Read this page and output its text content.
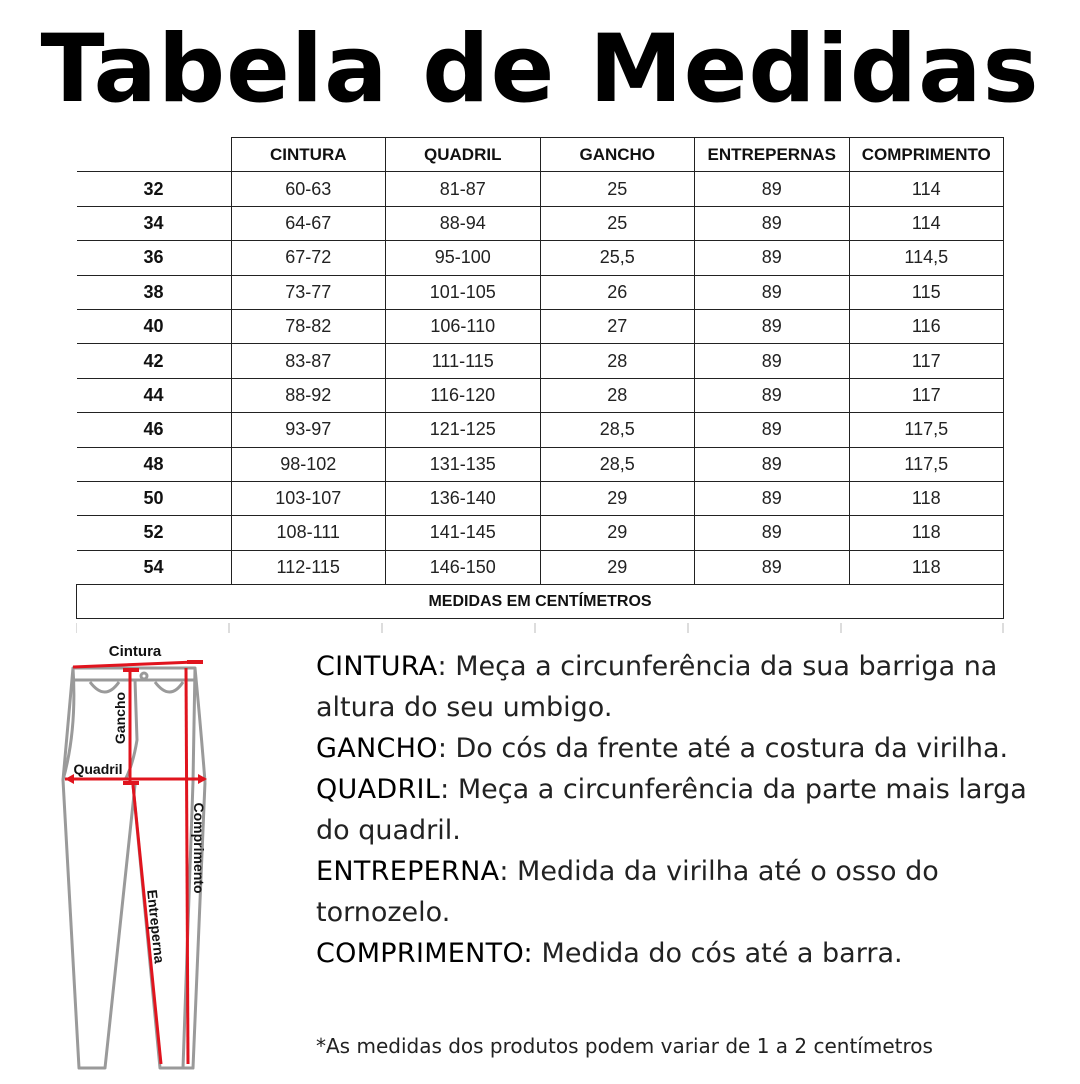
Tabela de Medidas
	CINTURA	QUADRIL	GANCHO	ENTREPERNAS	COMPRIMENTO
32	60-63	81-87	25	89	114
34	64-67	88-94	25	89	114
36	67-72	95-100	25,5	89	114,5
38	73-77	101-105	26	89	115
40	78-82	106-110	27	89	116
42	83-87	111-115	28	89	117
44	88-92	116-120	28	89	117
46	93-97	121-125	28,5	89	117,5
48	98-102	131-135	28,5	89	117,5
50	103-107	136-140	29	89	118
52	108-111	141-145	29	89	118
54	112-115	146-150	29	89	118
MEDIDAS EM CENTÍMETROS					
Cintura
Gancho
Quadril
Comprimento
Entreperna

CINTURA: Meça a circunferência da sua barriga na altura do seu umbigo.

GANCHO: Do cós da frente até a costura da virilha.

QUADRIL: Meça a circunferência da parte mais larga do quadril.

ENTREPERNA: Medida da virilha até o osso do tornozelo.

COMPRIMENTO: Medida do cós até a barra.

*As medidas dos produtos podem variar de 1 a 2 centímetros
